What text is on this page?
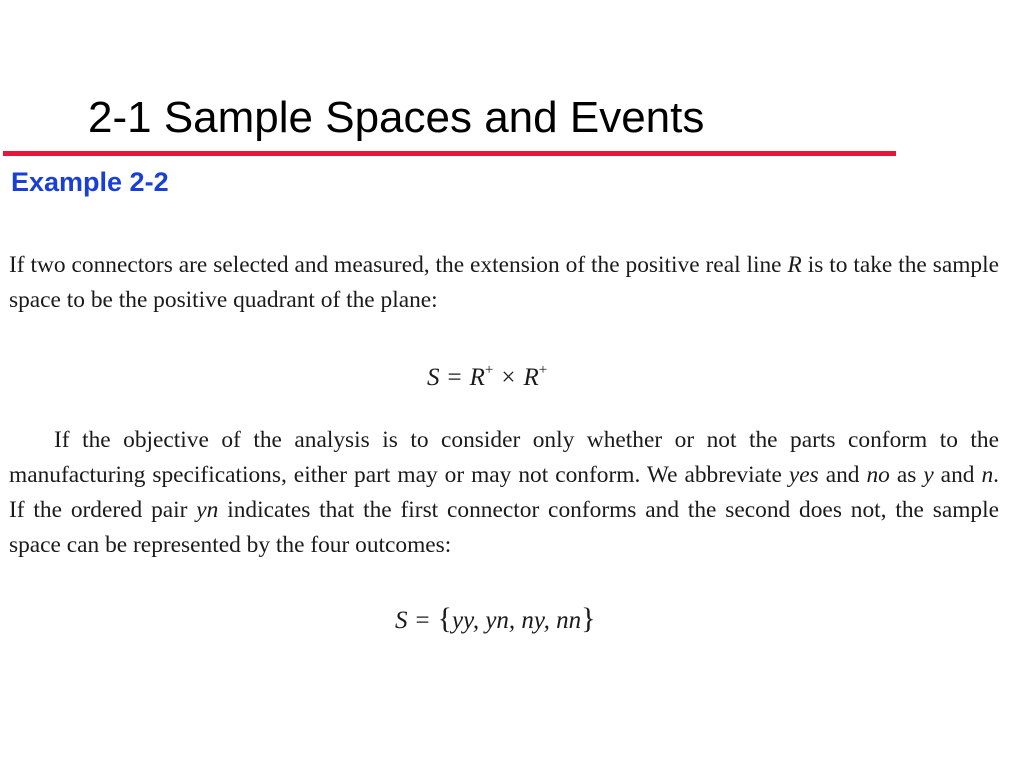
2-1 Sample Spaces and Events
Example 2-2

If two connectors are selected and measured, the extension of the positive real line R is to take the sample space to be the positive quadrant of the plane:

S = R+ × R+

If the objective of the analysis is to consider only whether or not the parts conform to the manufacturing specifications, either part may or may not conform. We abbreviate yes and no as y and n. If the ordered pair yn indicates that the first connector conforms and the second does not, the sample space can be represented by the four outcomes:

S = {yy, yn, ny, nn}
